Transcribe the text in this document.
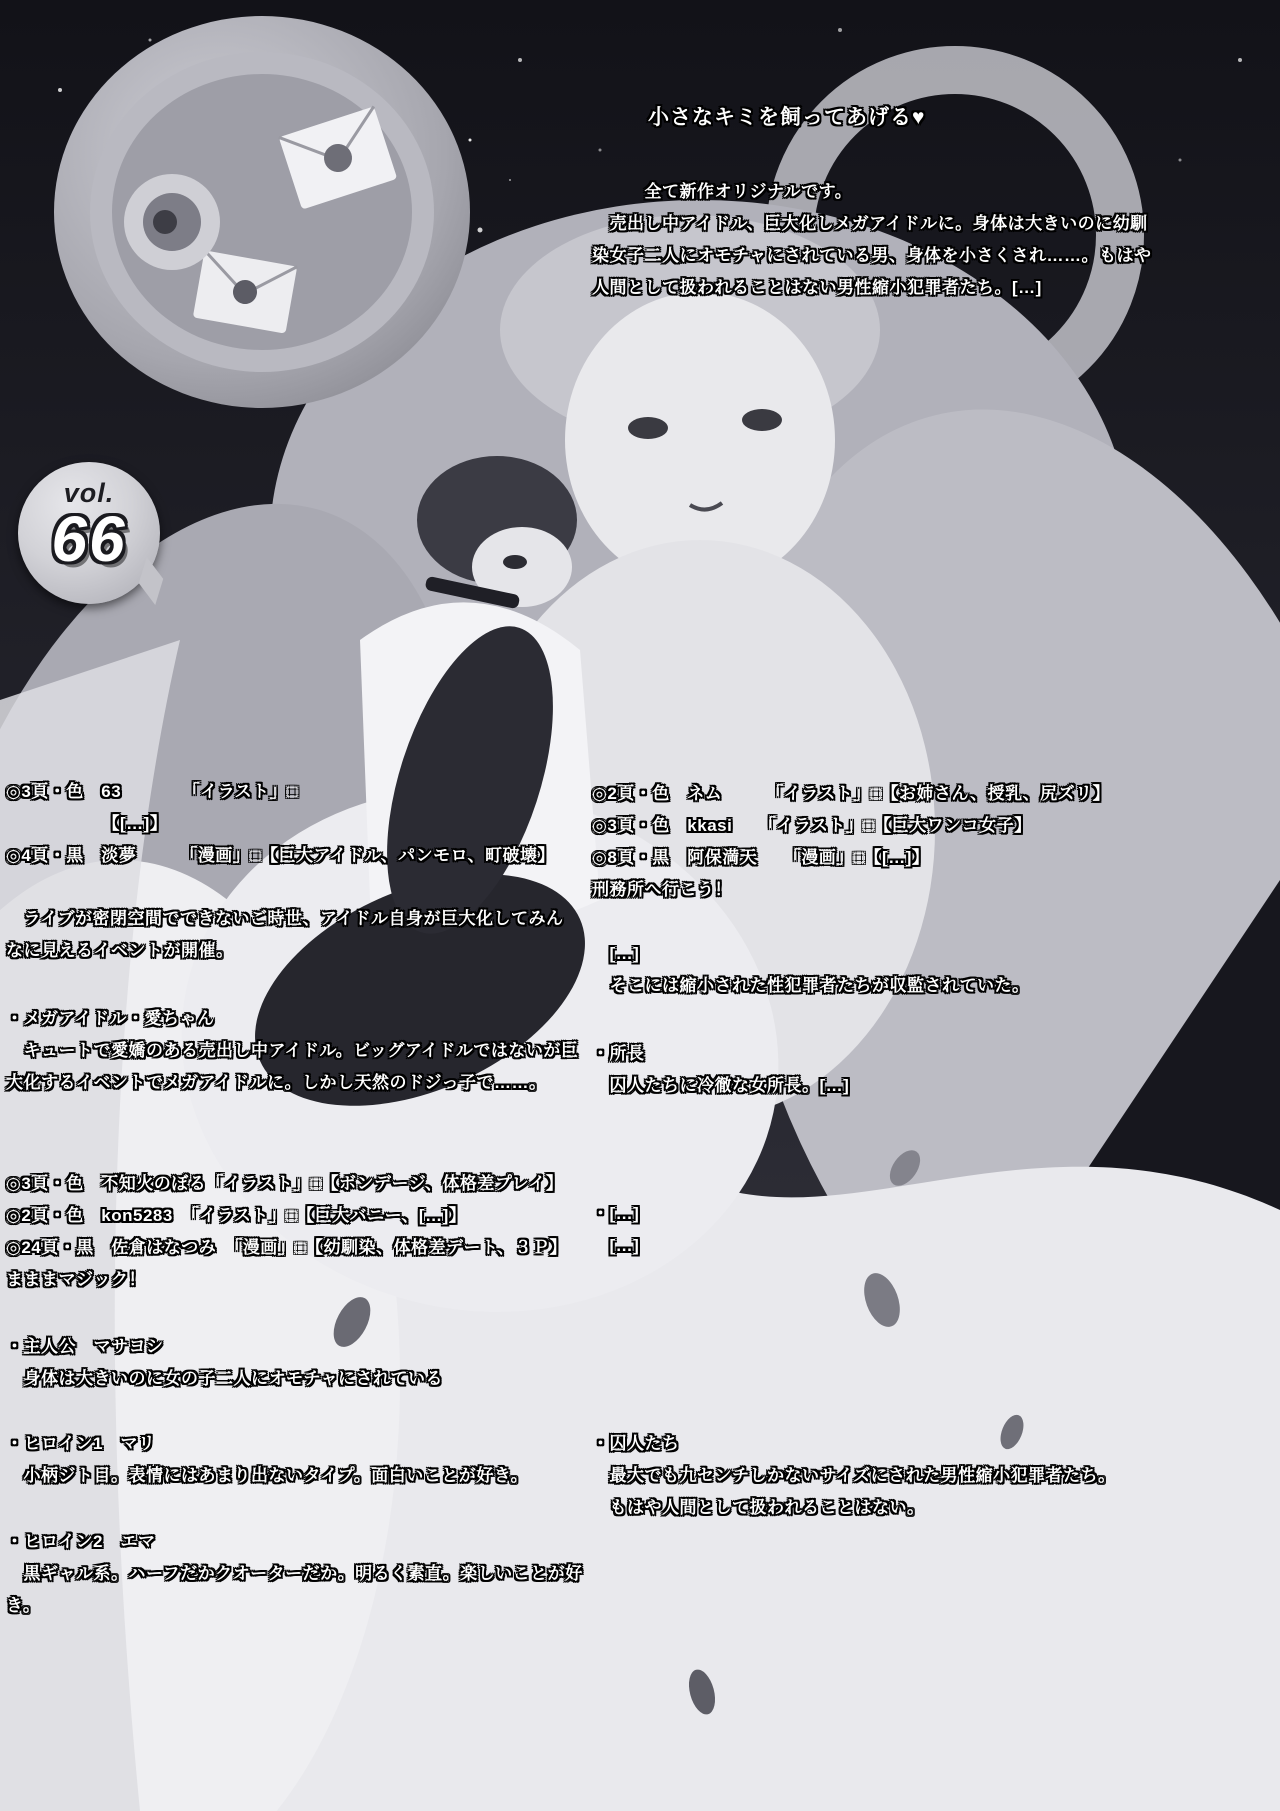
vol.
66
小さなキミを飼ってあげる♥
　　　全て新作オリジナルです。
　売出し中アイドル、巨大化しメガアイドルに。身体は大きいのに幼馴
染女子二人にオモチャにされている男、身体を小さくされ……。もはや
人間として扱われることはない男性縮小犯罪者たち。[…]
◎3頁・色　63　　　　「イラスト」□
　　　　　　【[…]】
◎4頁・黒　淡夢　　　「漫画」□【巨大アイドル、パンモロ、町破壊】
　ライブが密閉空間でできないご時世、アイドル自身が巨大化してみん
なに見えるイベントが開催。
・メガアイドル・愛ちゃん
　キュートで愛嬌のある売出し中アイドル。ビッグアイドルではないが巨
大化するイベントでメガアイドルに。しかし天然のドジっ子で……。
◎3頁・色　不知火のぼる「イラスト」□【ボンデージ、体格差プレイ】
◎2頁・色　kon5283　「イラスト」□【巨大バニー、[…]】
◎24頁・黒　佐倉はなつみ　「漫画」□【幼馴染、体格差デート、３Ｐ】
まままマジック！
・主人公　マサヨシ
　身体は大きいのに女の子二人にオモチャにされている
・ヒロイン1　マリ
　小柄ジト目。表情にはあまり出ないタイプ。面白いことが好き。
・ヒロイン2　エマ
　黒ギャル系。ハーフだかクオーターだか。明るく素直。楽しいことが好
き。
◎2頁・色　ネム　　　「イラスト」□【お姉さん、授乳、尻ズリ】
◎3頁・色　kkasi　　「イラスト」□【巨大ワンコ女子】
◎8頁・黒　阿保満天　　「漫画」□【[…]】
刑務所へ行こう！
　[…]
　そこには縮小された性犯罪者たちが収監されていた。
・所長
　囚人たちに冷徹な女所長。[…]
・[…]
　[…]
・囚人たち
　最大でも九センチしかないサイズにされた男性縮小犯罪者たち。
　もはや人間として扱われることはない。
